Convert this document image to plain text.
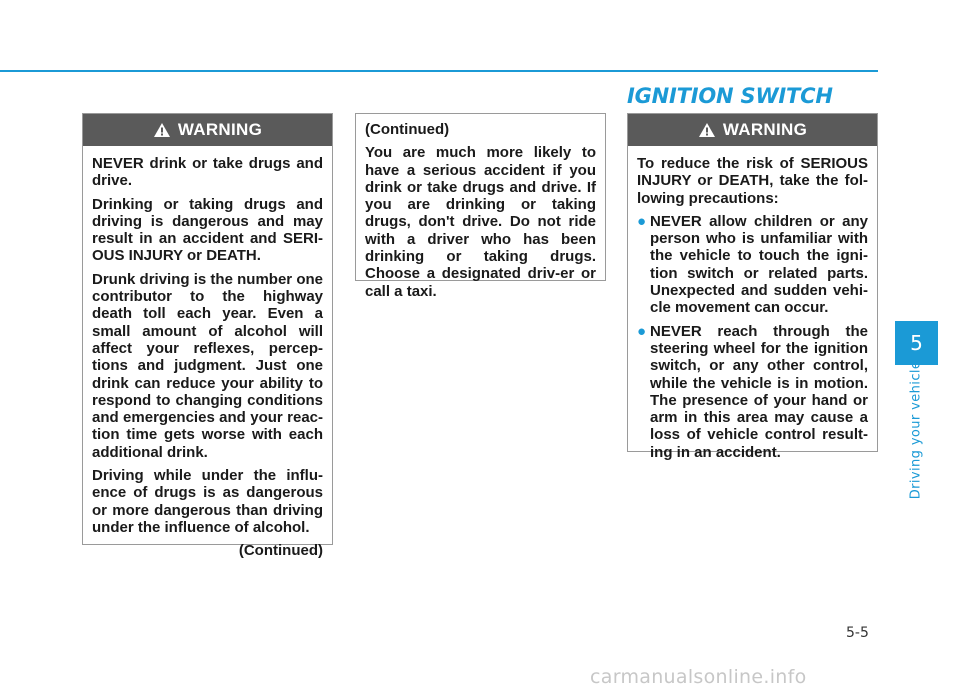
IGNITION SWITCH
WARNING

NEVER drink or take drugs and drive.

Drinking or taking drugs and driving is dangerous and may result in an accident and SERI-OUS INJURY or DEATH.

Drunk driving is the number one contributor to the highway death toll each year. Even a small amount of alcohol will affect your reflexes, percep-tions and judgment. Just one drink can reduce your ability to respond to changing conditions and emergencies and your reac-tion time gets worse with each additional drink.

Driving while under the influ-ence of drugs is as dangerous or more dangerous than driving under the influence of alcohol.

(Continued)

(Continued)

You are much more likely to have a serious accident if you drink or take drugs and drive. If you are drinking or taking drugs, don't drive. Do not ride with a driver who has been drinking or taking drugs. Choose a designated driv-er or call a taxi.

WARNING

To reduce the risk of SERIOUS INJURY or DEATH, take the fol-lowing precautions:

● NEVER allow children or any person who is unfamiliar with the vehicle to touch the igni-tion switch or related parts. Unexpected and sudden vehi-cle movement can occur.
● NEVER reach through the steering wheel for the ignition switch, or any other control, while the vehicle is in motion. The presence of your hand or arm in this area may cause a loss of vehicle control result-ing in an accident.
5
Driving your vehicle
5-5
carmanualsonline.info
